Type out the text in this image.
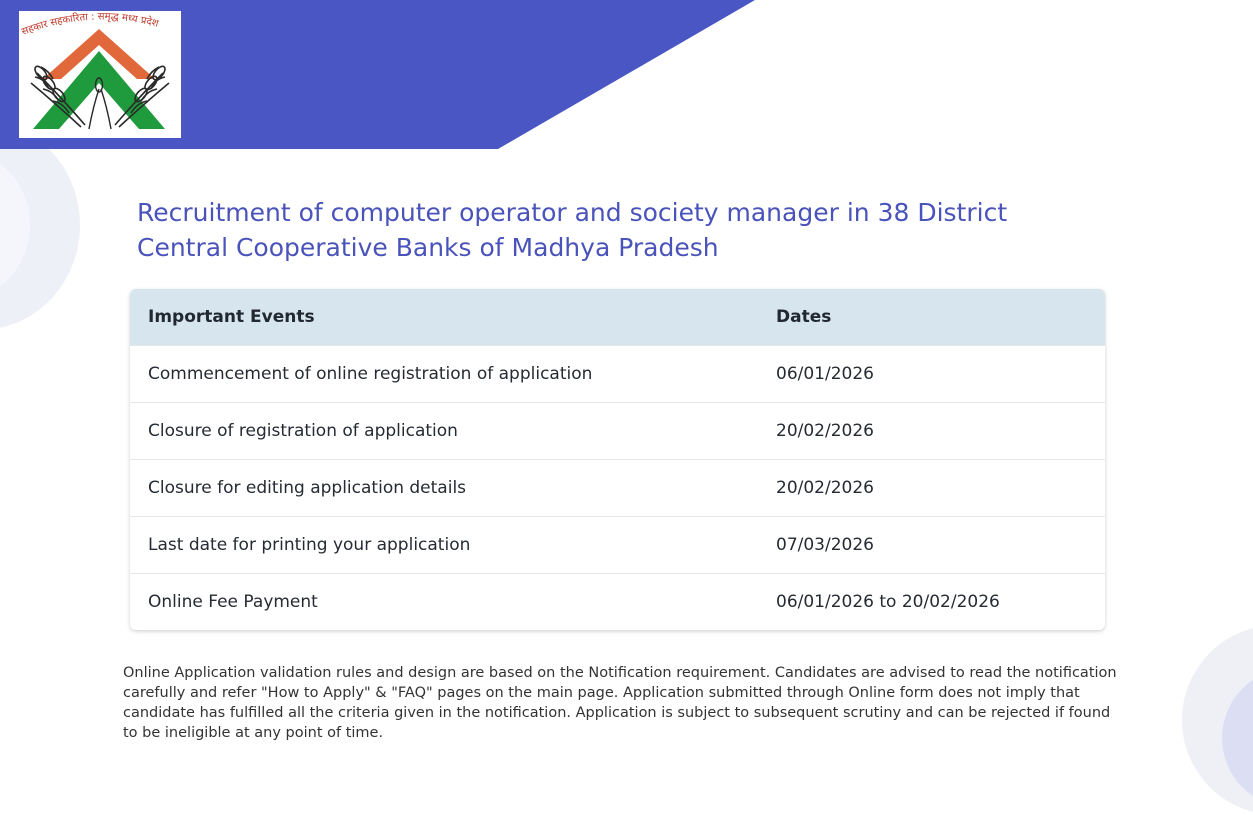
सहकार सहकारिता : समृद्ध मध्य प्रदेश
Recruitment of computer operator and society manager in 38 District Central Cooperative Banks of Madhya Pradesh
Important Events	Dates
Commencement of online registration of application	06/01/2026
Closure of registration of application	20/02/2026
Closure for editing application details	20/02/2026
Last date for printing your application	07/03/2026
Online Fee Payment	06/01/2026 to 20/02/2026

Online Application validation rules and design are based on the Notification requirement. Candidates are advised to read the notification carefully and refer "How to Apply" & "FAQ" pages on the main page. Application submitted through Online form does not imply that candidate has fulfilled all the criteria given in the notification. Application is subject to subsequent scrutiny and can be rejected if found to be ineligible at any point of time.
